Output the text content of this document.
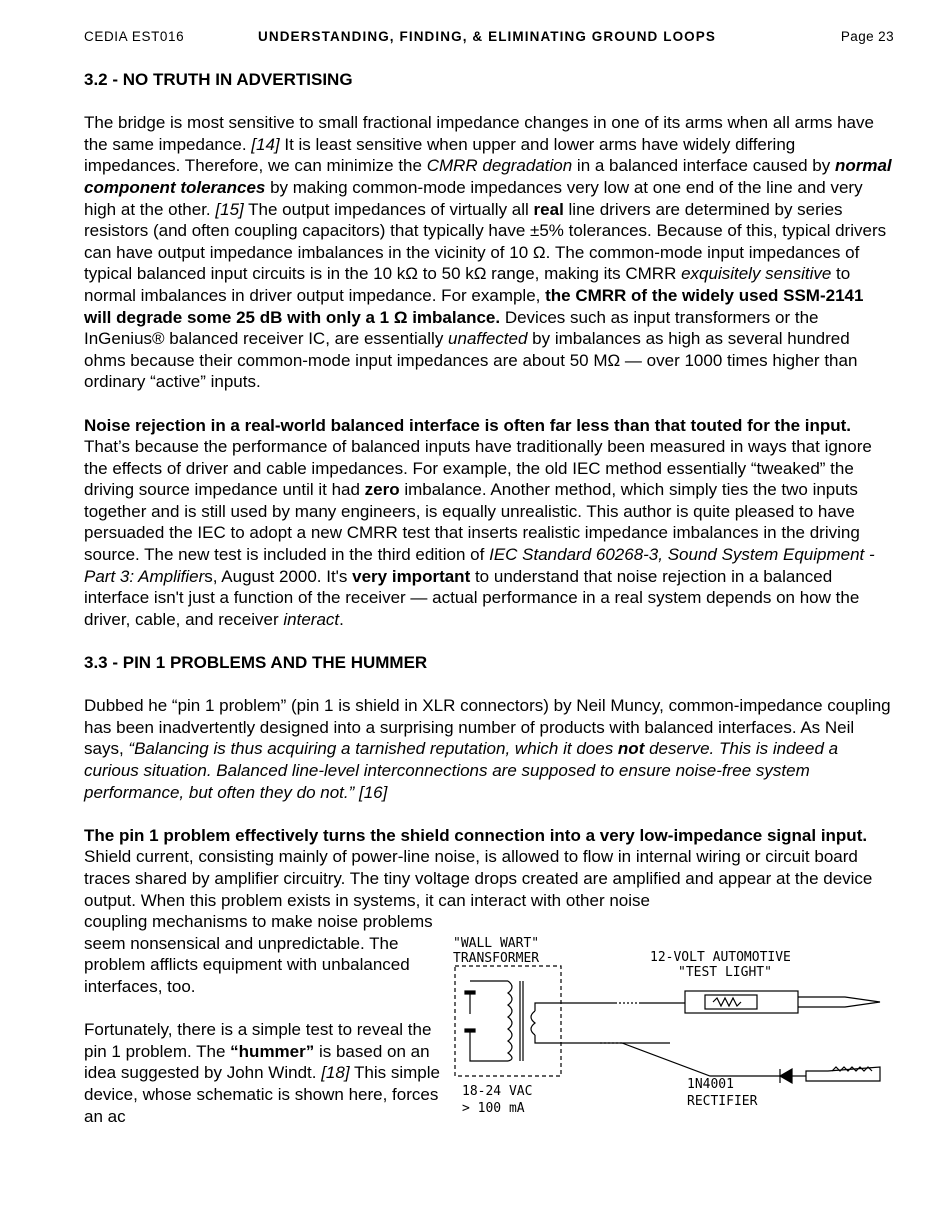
CEDIA EST016	UNDERSTANDING, FINDING, & ELIMINATING GROUND LOOPS	Page 23
3.2 - NO TRUTH IN ADVERTISING

The bridge is most sensitive to small fractional impedance changes in one of its arms when all arms have the same impedance. [14] It is least sensitive when upper and lower arms have widely differing impedances. Therefore, we can minimize the CMRR degradation in a balanced interface caused by normal component tolerances by making common-mode impedances very low at one end of the line and very high at the other. [15] The output impedances of virtually all real line drivers are determined by series resistors (and often coupling capacitors) that typically have ±5% tolerances. Because of this, typical drivers can have output impedance imbalances in the vicinity of 10 Ω. The common-mode input impedances of typical balanced input circuits is in the 10 kΩ to 50 kΩ range, making its CMRR exquisitely sensitive to normal imbalances in driver output impedance. For example, the CMRR of the widely used SSM-2141 will degrade some 25 dB with only a 1 Ω imbalance. Devices such as input transformers or the InGenius® balanced receiver IC, are essentially unaffected by imbalances as high as several hundred ohms because their common-mode input impedances are about 50 MΩ — over 1000 times higher than ordinary “active” inputs.

Noise rejection in a real-world balanced interface is often far less than that touted for the input. That’s because the performance of balanced inputs have traditionally been measured in ways that ignore the effects of driver and cable impedances. For example, the old IEC method essentially “tweaked” the driving source impedance until it had zero imbalance. Another method, which simply ties the two inputs together and is still used by many engineers, is equally unrealistic. This author is quite pleased to have persuaded the IEC to adopt a new CMRR test that inserts realistic impedance imbalances in the driving source. The new test is included in the third edition of IEC Standard 60268-3, Sound System Equipment - Part 3: Amplifiers, August 2000. It's very important to understand that noise rejection in a balanced interface isn't just a function of the receiver — actual performance in a real system depends on how the driver, cable, and receiver interact.

3.3 - PIN 1 PROBLEMS AND THE HUMMER

Dubbed he “pin 1 problem” (pin 1 is shield in XLR connectors) by Neil Muncy, common-impedance coupling has been inadvertently designed into a surprising number of products with balanced interfaces. As Neil says, “Balancing is thus acquiring a tarnished reputation, which it does not deserve. This is indeed a curious situation. Balanced line-level interconnections are supposed to ensure noise-free system performance, but often they do not.” [16]

The pin 1 problem effectively turns the shield connection into a very low-impedance signal input. Shield current, consisting mainly of power-line noise, is allowed to flow in internal wiring or circuit board traces shared by amplifier circuitry. The tiny voltage drops created are amplified and appear at the device output. When this problem exists in systems, it can interact with other noise

coupling mechanisms to make noise problems seem nonsensical and unpredictable. The problem afflicts equipment with unbalanced interfaces, too.

Fortunately, there is a simple test to reveal the pin 1 problem. The “hummer” is based on an idea suggested by John Windt. [18] This simple device, whose schematic is shown here, forces an ac

"WALL WART"
TRANSFORMER	12-VOLT AUTOMOTIVE
"TEST LIGHT"
18-24 VAC
> 100 mA
1N4001
RECTIFIER
